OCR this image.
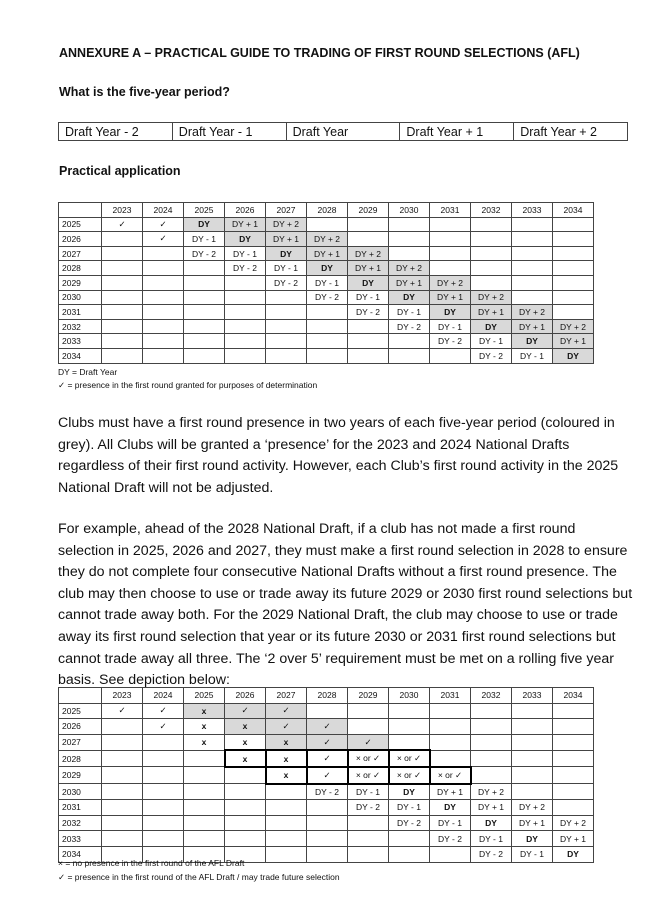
ANNEXURE A – PRACTICAL GUIDE TO TRADING OF FIRST ROUND SELECTIONS (AFL)
What is the five-year period?
Draft Year - 2	Draft Year - 1	Draft Year	Draft Year + 1	Draft Year + 2
Practical application
	2023	2024	2025	2026	2027	2028	2029	2030	2031	2032	2033	2034
2025	✓	✓	DY	DY + 1	DY + 2							
2026		✓	DY - 1	DY	DY + 1	DY + 2						
2027			DY - 2	DY - 1	DY	DY + 1	DY + 2					
2028				DY - 2	DY - 1	DY	DY + 1	DY + 2				
2029					DY - 2	DY - 1	DY	DY + 1	DY + 2			
2030						DY - 2	DY - 1	DY	DY + 1	DY + 2		
2031							DY - 2	DY - 1	DY	DY + 1	DY + 2	
2032								DY - 2	DY - 1	DY	DY + 1	DY + 2
2033									DY - 2	DY - 1	DY	DY + 1
2034										DY - 2	DY - 1	DY
DY = Draft Year
✓ = presence in the first round granted for purposes of determination

Clubs must have a first round presence in two years of each five-year period (coloured in grey). All Clubs will be granted a ‘presence’ for the 2023 and 2024 National Drafts regardless of their first round activity. However, each Club’s first round activity in the 2025 National Draft will not be adjusted.

For example, ahead of the 2028 National Draft, if a club has not made a first round selection in 2025, 2026 and 2027, they must make a first round selection in 2028 to ensure they do not complete four consecutive National Drafts without a first round presence. The club may then choose to use or trade away its future 2029 or 2030 first round selections but cannot trade away both. For the 2029 National Draft, the club may choose to use or trade away its first round selection that year or its future 2030 or 2031 first round selections but cannot trade away all three. The ‘2 over 5’ requirement must be met on a rolling five year basis. See depiction below:

	2023	2024	2025	2026	2027	2028	2029	2030	2031	2032	2033	2034
2025	✓	✓	x	✓	✓							
2026		✓	x	x	✓	✓						
2027			x	x	x	✓	✓					
2028				x	x	✓	× or ✓	× or ✓				
2029					x	✓	× or ✓	× or ✓	× or ✓			
2030						DY - 2	DY - 1	DY	DY + 1	DY + 2		
2031							DY - 2	DY - 1	DY	DY + 1	DY + 2	
2032								DY - 2	DY - 1	DY	DY + 1	DY + 2
2033									DY - 2	DY - 1	DY	DY + 1
2034										DY - 2	DY - 1	DY
× = no presence in the first round of the AFL Draft
✓ = presence in the first round of the AFL Draft / may trade future selection
